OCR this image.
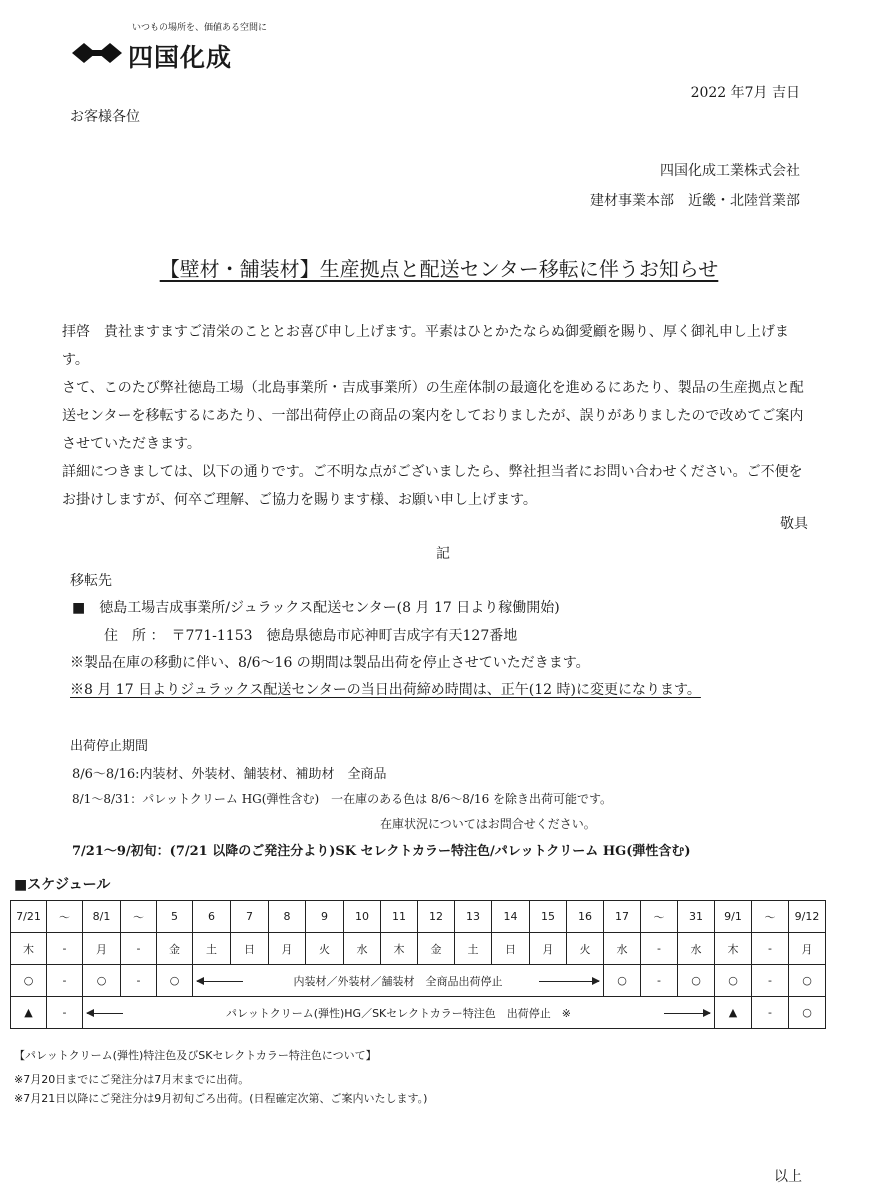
いつもの場所を、価値ある空間に
四国化成
2022 年7月 吉日
お客様各位
四国化成工業株式会社
建材事業本部　近畿・北陸営業部
【壁材・舗装材】生産拠点と配送センター移転に伴うお知らせ
拝啓　貴社ますますご清栄のこととお喜び申し上げます。平素はひとかたならぬ御愛顧を賜り、厚く御礼申し上げます。
さて、このたび弊社徳島工場（北島事業所・吉成事業所）の生産体制の最適化を進めるにあたり、製品の生産拠点と配送センターを移転するにあたり、一部出荷停止の商品の案内をしておりましたが、誤りがありましたので改めてご案内させていただきます。
詳細につきましては、以下の通りです。ご不明な点がございましたら、弊社担当者にお問い合わせください。ご不便をお掛けしますが、何卒ご理解、ご協力を賜ります様、お願い申し上げます。
敬具
記
移転先
■　徳島工場吉成事業所/ジュラックス配送センター(8 月 17 日より稼働開始)
住　所 ：　〒771-1153　徳島県徳島市応神町吉成字有天127番地
※製品在庫の移動に伴い、8/6～16 の期間は製品出荷を停止させていただきます。
※8 月 17 日よりジュラックス配送センターの当日出荷締め時間は、正午(12 時)に変更になります。
出荷停止期間
8/6～8/16:内装材、外装材、舗装材、補助材　全商品
8/1～8/31：パレットクリーム HG(弾性含む)　一在庫のある色は 8/6～8/16 を除き出荷可能です。
在庫状況についてはお問合せください。
7/21～9/初旬：(7/21 以降のご発注分より)SK セレクトカラー特注色/パレットクリーム HG(弾性含む)
■スケジュール
7/21	～	8/1	～	5	6	7	8	9	10	11	12	13	14	15	16	17	～	31	9/1	～	9/12
木	-	月	-	金	土	日	月	火	水	木	金	土	日	月	火	水	-	水	木	-	月
○	-	○	-	○	内装材／外装材／舗装材　全商品出荷停止											○	-	○	○	-	○
▲	-	パレットクリーム(弾性)HG／SKセレクトカラー特注色　出荷停止　※																	▲	-	○
【パレットクリーム(弾性)特注色及びSKセレクトカラー特注色について】
※7月20日までにご発注分は7月末までに出荷。
※7月21日以降にご発注分は9月初旬ごろ出荷。(日程確定次第、ご案内いたします。)
以上
